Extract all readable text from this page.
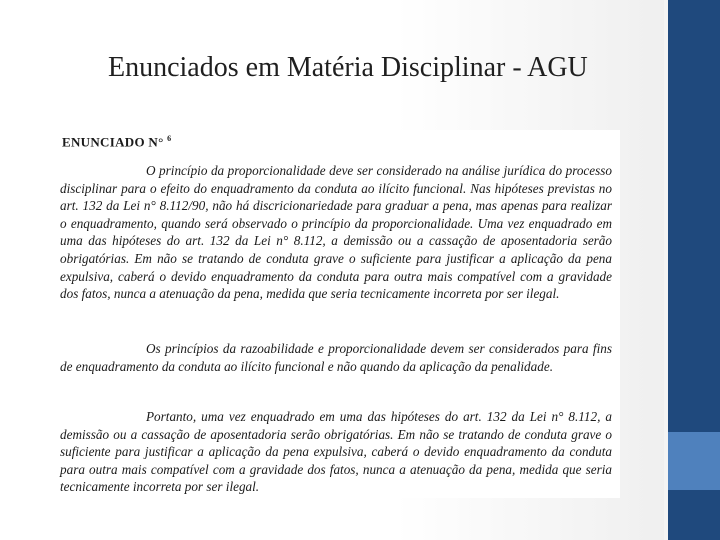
Enunciados em Matéria Disciplinar - AGU
ENUNCIADO N° $^6$

O princípio da proporcionalidade deve ser considerado na análise jurídica do processo disciplinar para o efeito do enquadramento da conduta ao ilícito funcional. Nas hipóteses previstas no art. 132 da Lei n° 8.112/90, não há discricionariedade para graduar a pena, mas apenas para realizar o enquadramento, quando será observado o princípio da proporcionalidade. Uma vez enquadrado em uma das hipóteses do art. 132 da Lei n° 8.112, a demissão ou a cassação de aposentadoria serão obrigatórias. Em não se tratando de conduta grave o suficiente para justificar a aplicação da pena expulsiva, caberá o devido enquadramento da conduta para outra mais compatível com a gravidade dos fatos, nunca a atenuação da pena, medida que seria tecnicamente incorreta por ser ilegal.

Os princípios da razoabilidade e proporcionalidade devem ser considerados para fins de enquadramento da conduta ao ilícito funcional e não quando da aplicação da penalidade.

Portanto, uma vez enquadrado em uma das hipóteses do art. 132 da Lei n° 8.112, a demissão ou a cassação de aposentadoria serão obrigatórias. Em não se tratando de conduta grave o suficiente para justificar a aplicação da pena expulsiva, caberá o devido enquadramento da conduta para outra mais compatível com a gravidade dos fatos, nunca a atenuação da pena, medida que seria tecnicamente incorreta por ser ilegal.
